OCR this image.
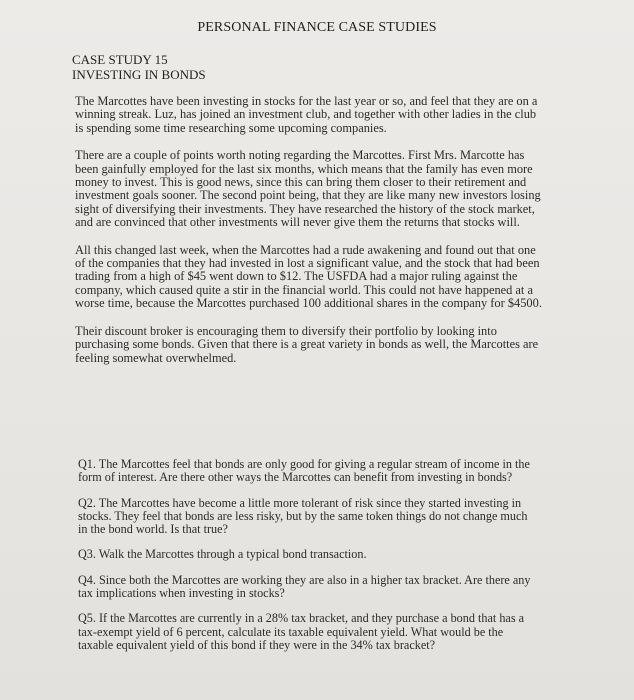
PERSONAL FINANCE CASE STUDIES
CASE STUDY 15
INVESTING IN BONDS

The Marcottes have been investing in stocks for the last year or so, and feel that they are on a winning streak. Luz, has joined an investment club, and together with other ladies in the club is spending some time researching some upcoming companies.

There are a couple of points worth noting regarding the Marcottes. First Mrs. Marcotte has been gainfully employed for the last six months, which means that the family has even more money to invest. This is good news, since this can bring them closer to their retirement and investment goals sooner. The second point being, that they are like many new investors losing sight of diversifying their investments. They have researched the history of the stock market, and are convinced that other investments will never give them the returns that stocks will.

All this changed last week, when the Marcottes had a rude awakening and found out that one of the companies that they had invested in lost a significant value, and the stock that had been trading from a high of $45 went down to $12. The USFDA had a major ruling against the company, which caused quite a stir in the financial world. This could not have happened at a worse time, because the Marcottes purchased 100 additional shares in the company for $4500.

Their discount broker is encouraging them to diversify their portfolio by looking into purchasing some bonds. Given that there is a great variety in bonds as well, the Marcottes are feeling somewhat overwhelmed.

Q1. The Marcottes feel that bonds are only good for giving a regular stream of income in the form of interest. Are there other ways the Marcottes can benefit from investing in bonds?

Q2. The Marcottes have become a little more tolerant of risk since they started investing in stocks. They feel that bonds are less risky, but by the same token things do not change much in the bond world. Is that true?

Q3. Walk the Marcottes through a typical bond transaction.

Q4. Since both the Marcottes are working they are also in a higher tax bracket. Are there any tax implications when investing in stocks?

Q5. If the Marcottes are currently in a 28% tax bracket, and they purchase a bond that has a tax-exempt yield of 6 percent, calculate its taxable equivalent yield. What would be the taxable equivalent yield of this bond if they were in the 34% tax bracket?
